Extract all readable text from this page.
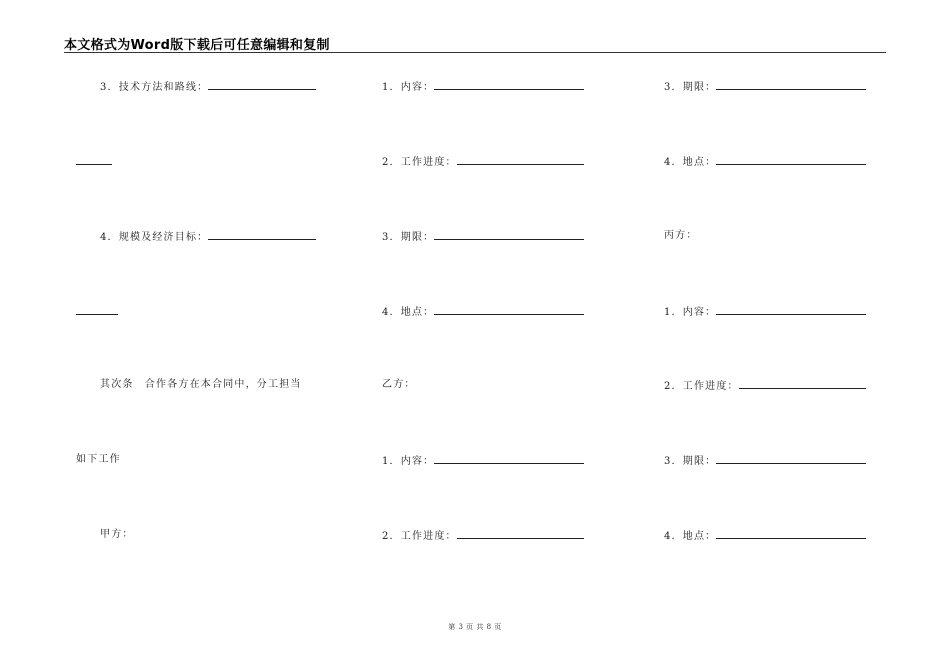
本文格式为Word版下载后可任意编辑和复制
3．技术方法和路线：
4．规模及经济目标：
其次条　合作各方在本合同中，分工担当
如下工作
甲方：
1．内容：
2．工作进度：
3．期限：
4．地点：
乙方：
1．内容：
2．工作进度：
3．期限：
4．地点：
丙方：
1．内容：
2．工作进度：
3．期限：
4．地点：
第 3 页 共 8 页
